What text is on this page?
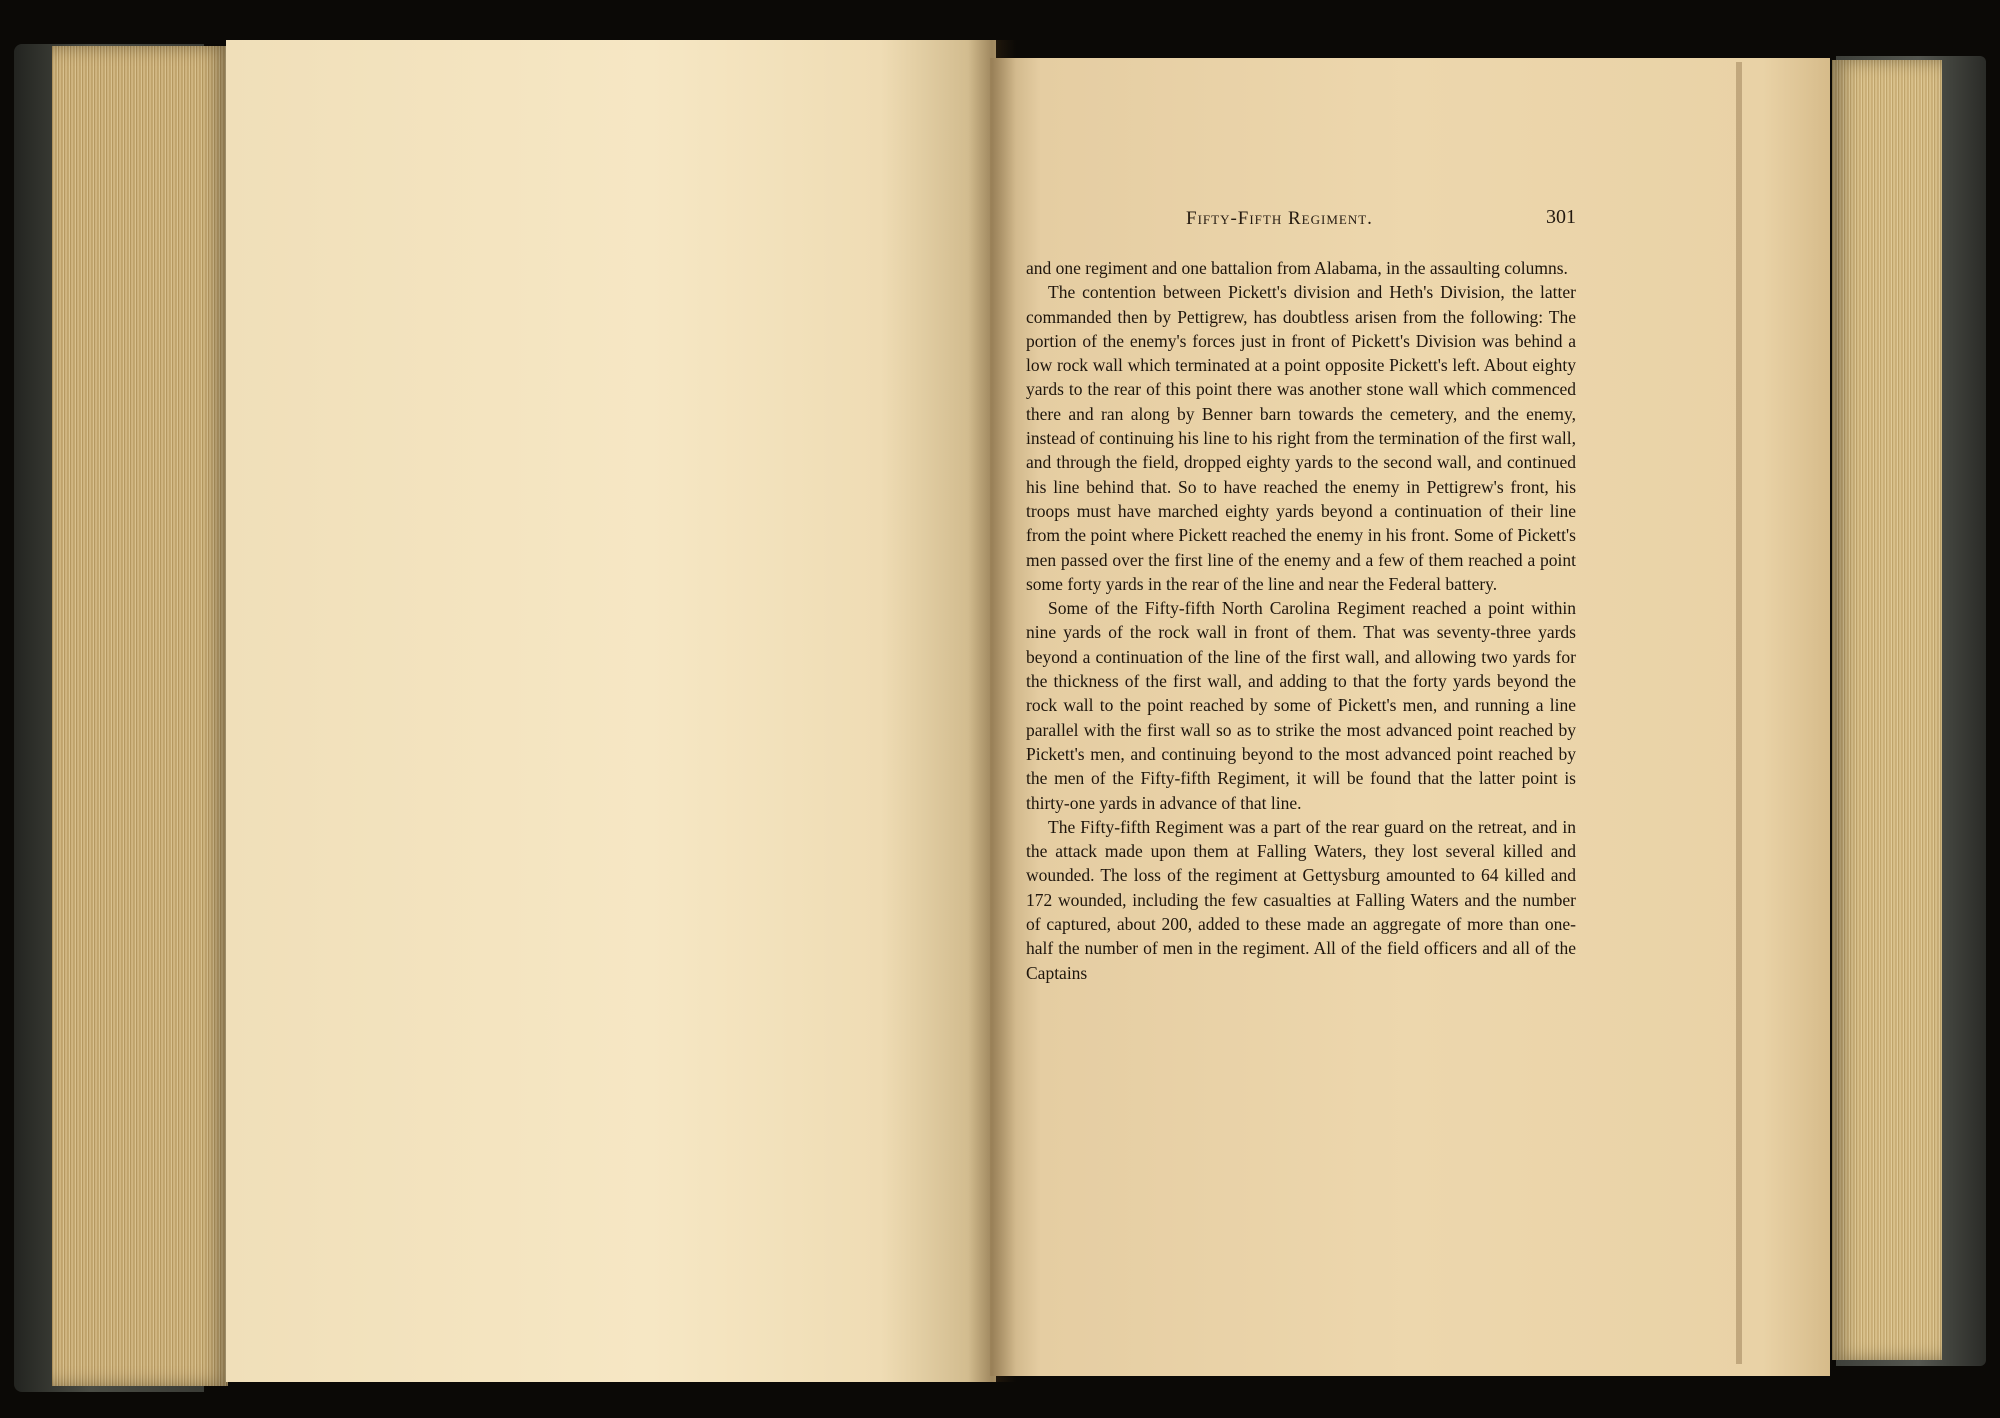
Fifty-Fifth Regiment.	301

and one regiment and one battalion from Alabama, in the assaulting columns.

The contention between Pickett's division and Heth's Division, the latter commanded then by Pettigrew, has doubtless arisen from the following: The portion of the enemy's forces just in front of Pickett's Division was behind a low rock wall which terminated at a point opposite Pickett's left. About eighty yards to the rear of this point there was another stone wall which commenced there and ran along by Benner barn towards the cemetery, and the enemy, instead of continuing his line to his right from the termination of the first wall, and through the field, dropped eighty yards to the second wall, and continued his line behind that. So to have reached the enemy in Pettigrew's front, his troops must have marched eighty yards beyond a continuation of their line from the point where Pickett reached the enemy in his front. Some of Pickett's men passed over the first line of the enemy and a few of them reached a point some forty yards in the rear of the line and near the Federal battery.

Some of the Fifty-fifth North Carolina Regiment reached a point within nine yards of the rock wall in front of them. That was seventy-three yards beyond a continuation of the line of the first wall, and allowing two yards for the thickness of the first wall, and adding to that the forty yards beyond the rock wall to the point reached by some of Pickett's men, and running a line parallel with the first wall so as to strike the most advanced point reached by Pickett's men, and continuing beyond to the most advanced point reached by the men of the Fifty-fifth Regiment, it will be found that the latter point is thirty-one yards in advance of that line.

The Fifty-fifth Regiment was a part of the rear guard on the retreat, and in the attack made upon them at Falling Waters, they lost several killed and wounded. The loss of the regiment at Gettysburg amounted to 64 killed and 172 wounded, including the few casualties at Falling Waters and the number of captured, about 200, added to these made an aggregate of more than one-half the number of men in the regiment. All of the field officers and all of the Captains
